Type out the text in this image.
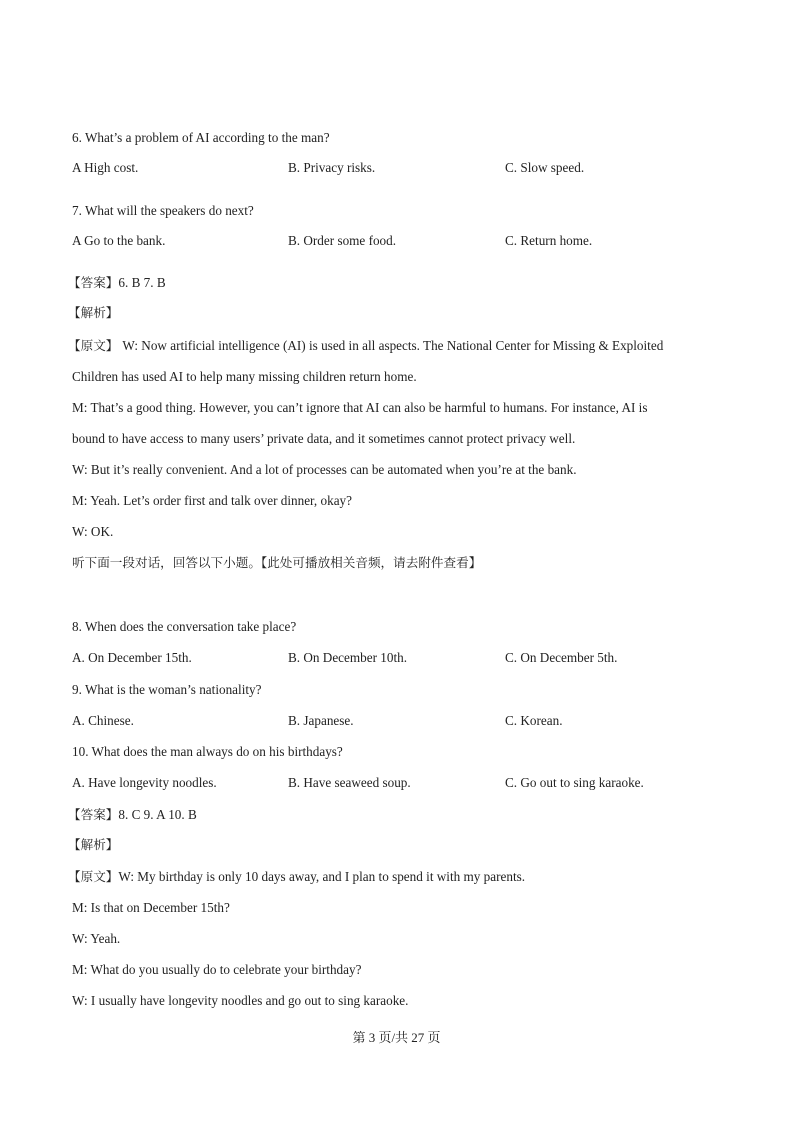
6. What’s a problem of AI according to the man?
A High cost.	B. Privacy risks.	C. Slow speed.
7. What will the speakers do next?
A Go to the bank.	B. Order some food.	C. Return home.
【答案】6. B 7. B
【解析】
【原文】 W: Now artificial intelligence (AI) is used in all aspects. The National Center for Missing & Exploited
Children has used AI to help many missing children return home.
M: That’s a good thing. However, you can’t ignore that AI can also be harmful to humans. For instance, AI is
bound to have access to many users’ private data, and it sometimes cannot protect privacy well.
W: But it’s really convenient. And a lot of processes can be automated when you’re at the bank.
M: Yeah. Let’s order first and talk over dinner, okay?
W: OK.
听下面一段对话，回答以下小题。【此处可播放相关音频，请去附件查看】
8. When does the conversation take place?
A. On December 15th.	B. On December 10th.	C. On December 5th.
9. What is the woman’s nationality?
A. Chinese.	B. Japanese.	C. Korean.
10. What does the man always do on his birthdays?
A. Have longevity noodles.	B. Have seaweed soup.	C. Go out to sing karaoke.
【答案】8. C 9. A 10. B
【解析】
【原文】W: My birthday is only 10 days away, and I plan to spend it with my parents.
M: Is that on December 15th?
W: Yeah.
M: What do you usually do to celebrate your birthday?
W: I usually have longevity noodles and go out to sing karaoke.
第 3 页/共 27 页
